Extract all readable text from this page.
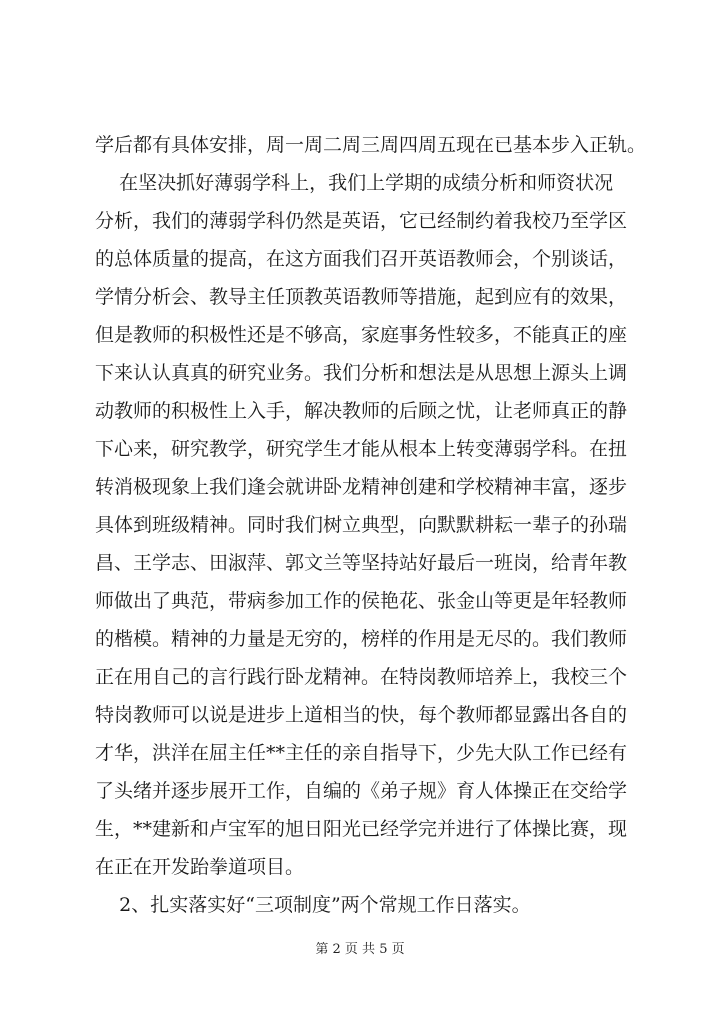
学后都有具体安排，周一周二周三周四周五现在已基本步入正轨。
在坚决抓好薄弱学科上，我们上学期的成绩分析和师资状况
分析，我们的薄弱学科仍然是英语，它已经制约着我校乃至学区
的总体质量的提高，在这方面我们召开英语教师会，个别谈话，
学情分析会、教导主任顶教英语教师等措施，起到应有的效果，
但是教师的积极性还是不够高，家庭事务性较多，不能真正的座
下来认认真真的研究业务。我们分析和想法是从思想上源头上调
动教师的积极性上入手，解决教师的后顾之忧，让老师真正的静
下心来，研究教学，研究学生才能从根本上转变薄弱学科。在扭
转消极现象上我们逢会就讲卧龙精神创建和学校精神丰富，逐步
具体到班级精神。同时我们树立典型，向默默耕耘一辈子的孙瑞
昌、王学志、田淑萍、郭文兰等坚持站好最后一班岗，给青年教
师做出了典范，带病参加工作的侯艳花、张金山等更是年轻教师
的楷模。精神的力量是无穷的，榜样的作用是无尽的。我们教师
正在用自己的言行践行卧龙精神。在特岗教师培养上，我校三个
特岗教师可以说是进步上道相当的快，每个教师都显露出各自的
才华，洪洋在屈主任**主任的亲自指导下，少先大队工作已经有
了头绪并逐步展开工作，自编的《弟子规》育人体操正在交给学
生，**建新和卢宝军的旭日阳光已经学完并进行了体操比赛，现
在正在开发跆拳道项目。
2、扎实落实好“三项制度”两个常规工作日落实。
第 2 页 共 5 页
